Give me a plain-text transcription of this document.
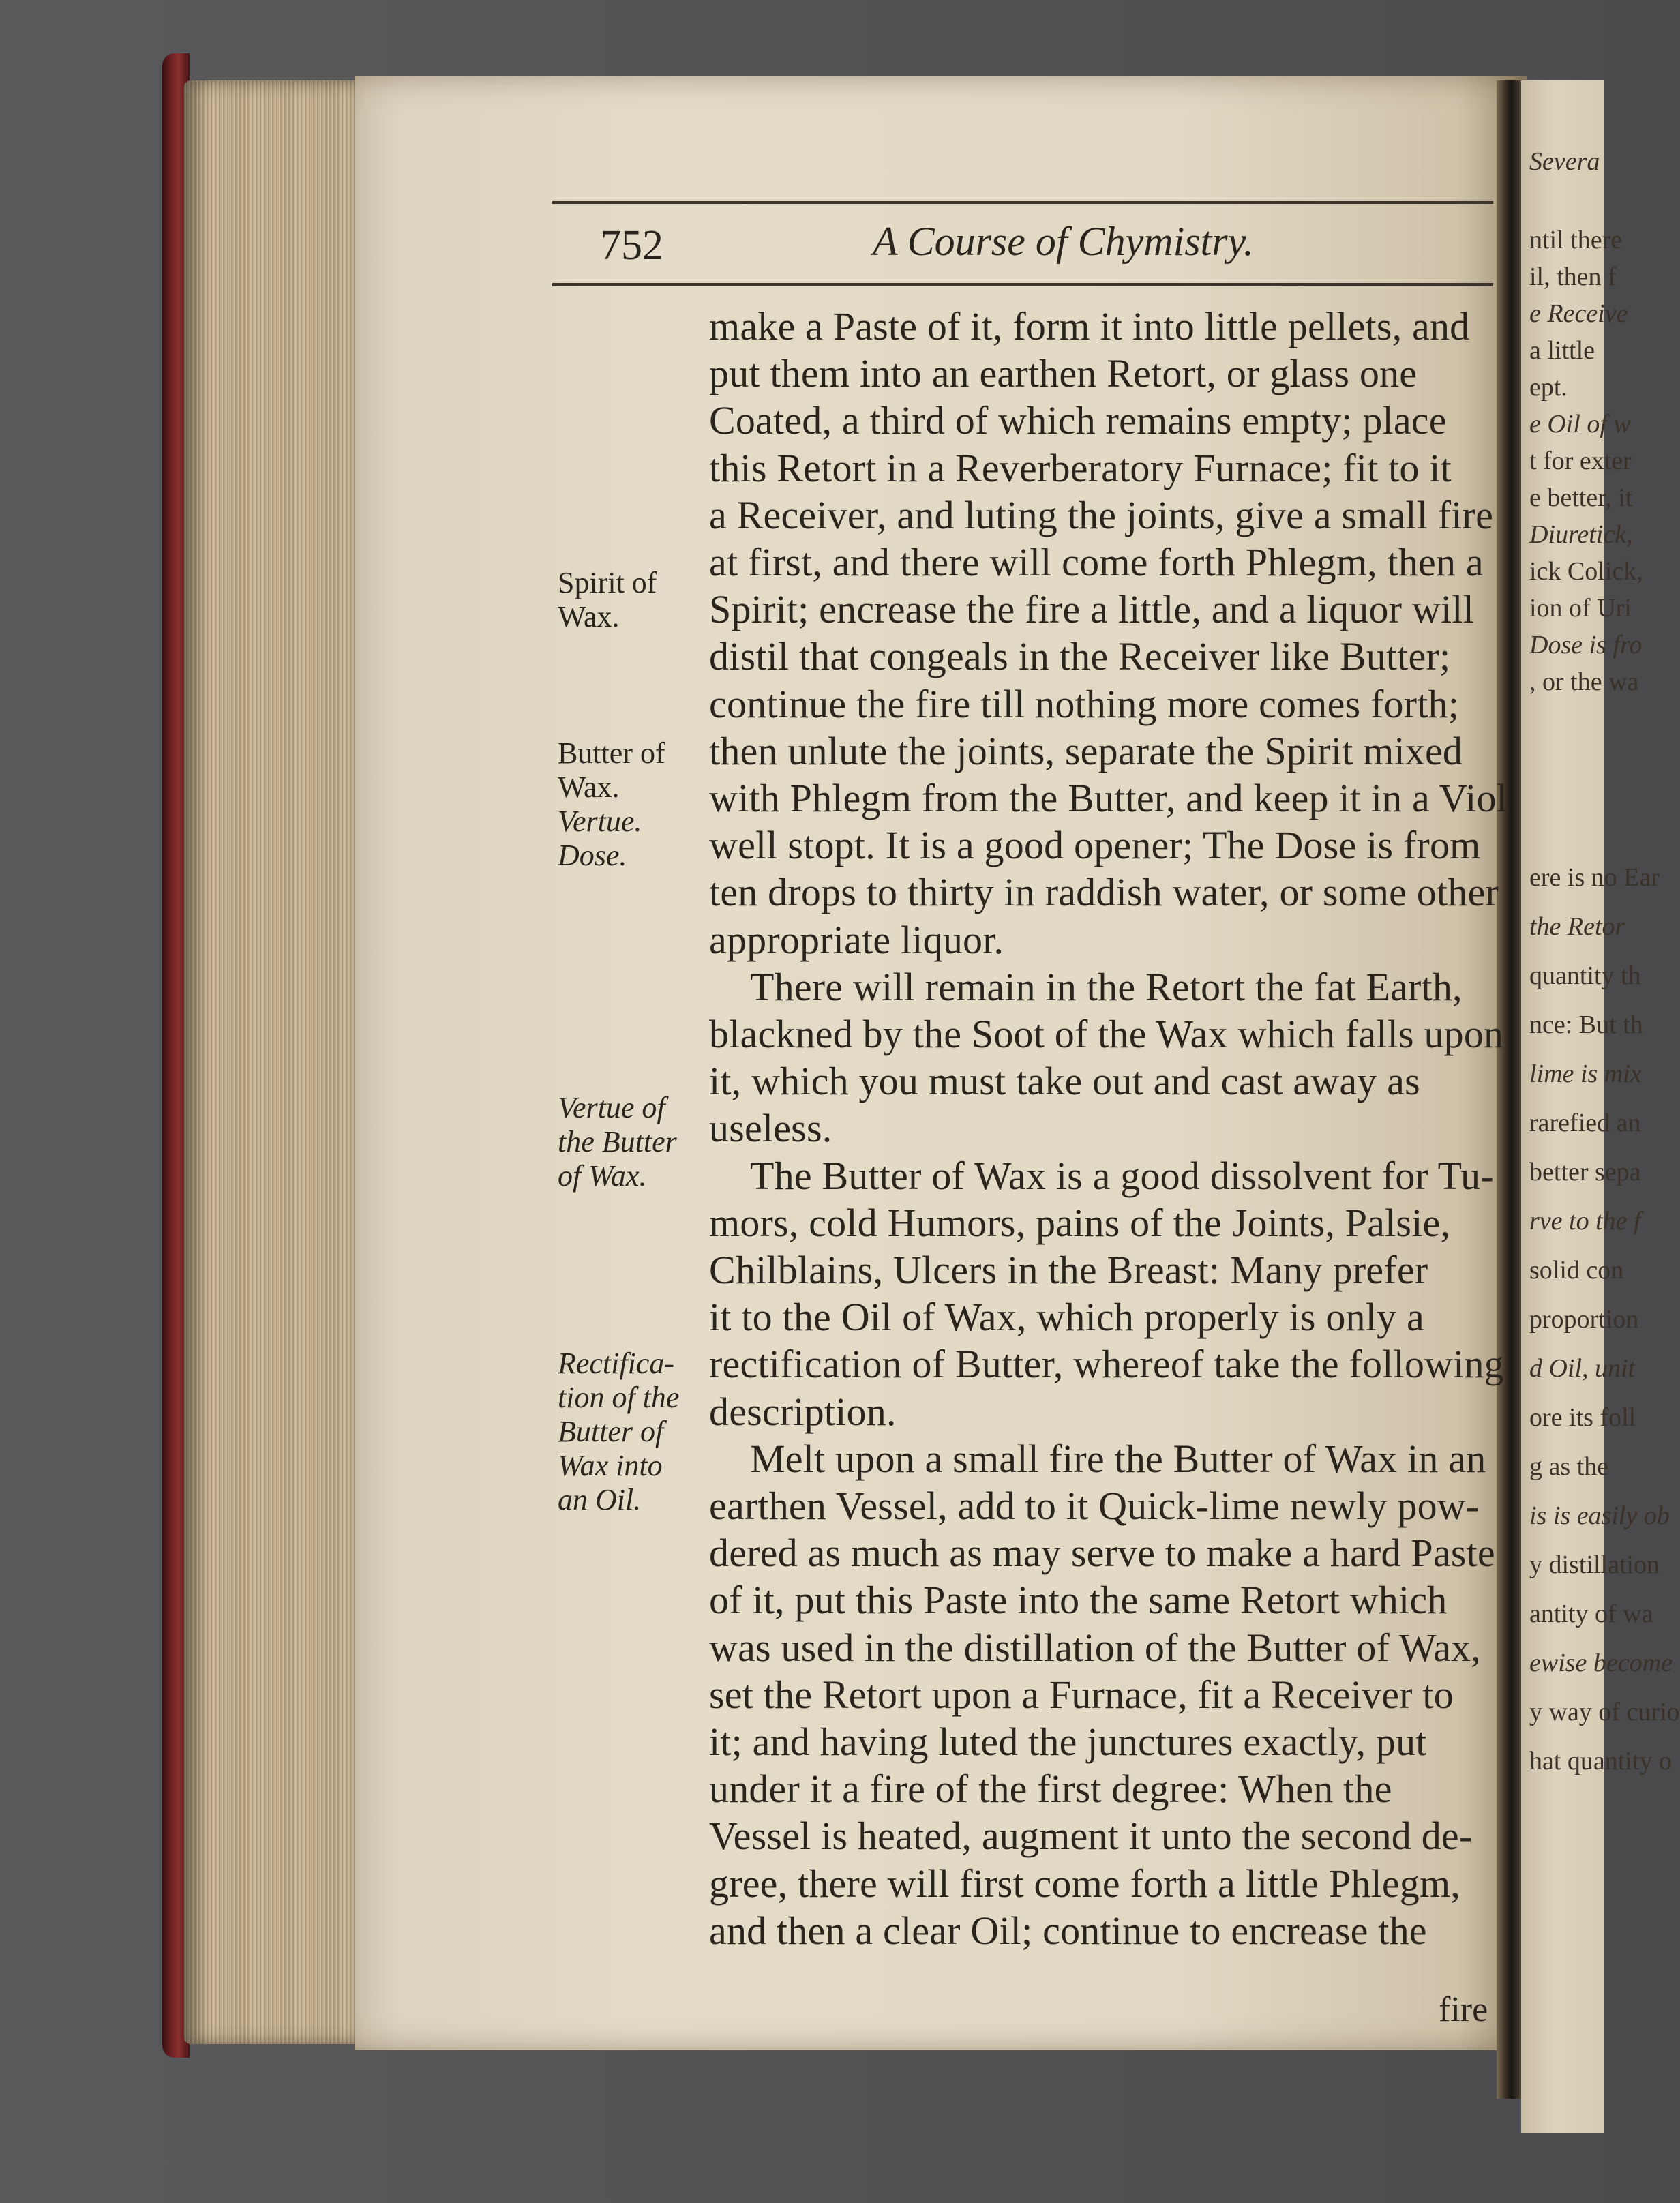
Severa
ntil there
il, then f
e Receive
a little
ept.
e Oil of w
t for exter
e better, it
Diuretick,
ick Colick,
ion of Uri
Dose is fro
, or the wa
ere is no Ear
the Retor
quantity th
nce: But th
lime is mix
rarefied an
better sepa
rve to the f
solid con
proportion
d Oil, unit
ore its foll
g as the
is is easily ob
y distillation
antity of wa
ewise become
y way of curio
hat quantity o
752	A Course of Chymistry.
make a Paste of it, form it into little pellets, and
put them into an earthen Retort, or glass one
Coated, a third of which remains empty; place
this Retort in a Reverberatory Furnace; fit to it
a Receiver, and luting the joints, give a small fire
at first, and there will come forth Phlegm, then a
Spirit; encrease the fire a little, and a liquor will
distil that congeals in the Receiver like Butter;
continue the fire till nothing more comes forth;
then unlute the joints, separate the Spirit mixed
with Phlegm from the Butter, and keep it in a Viol
well stopt. It is a good opener; The Dose is from
ten drops to thirty in raddish water, or some other
appropriate liquor.
There will remain in the Retort the fat Earth,
blackned by the Soot of the Wax which falls upon
it, which you must take out and cast away as
useless.
The Butter of Wax is a good dissolvent for Tu-
mors, cold Humors, pains of the Joints, Palsie,
Chilblains, Ulcers in the Breast: Many prefer
it to the Oil of Wax, which properly is only a
rectification of Butter, whereof take the following
description.
Melt upon a small fire the Butter of Wax in an
earthen Vessel, add to it Quick-lime newly pow-
dered as much as may serve to make a hard Paste
of it, put this Paste into the same Retort which
was used in the distillation of the Butter of Wax,
set the Retort upon a Furnace, fit a Receiver to
it; and having luted the junctures exactly, put
under it a fire of the first degree: When the
Vessel is heated, augment it unto the second de-
gree, there will first come forth a little Phlegm,
and then a clear Oil; continue to encrease the
Spirit of
Wax.
Butter of
Wax.
Vertue.
Dose.
Vertue of
the Butter
of Wax.
Rectifica-
tion of the
Butter of
Wax into
an Oil.
fire
